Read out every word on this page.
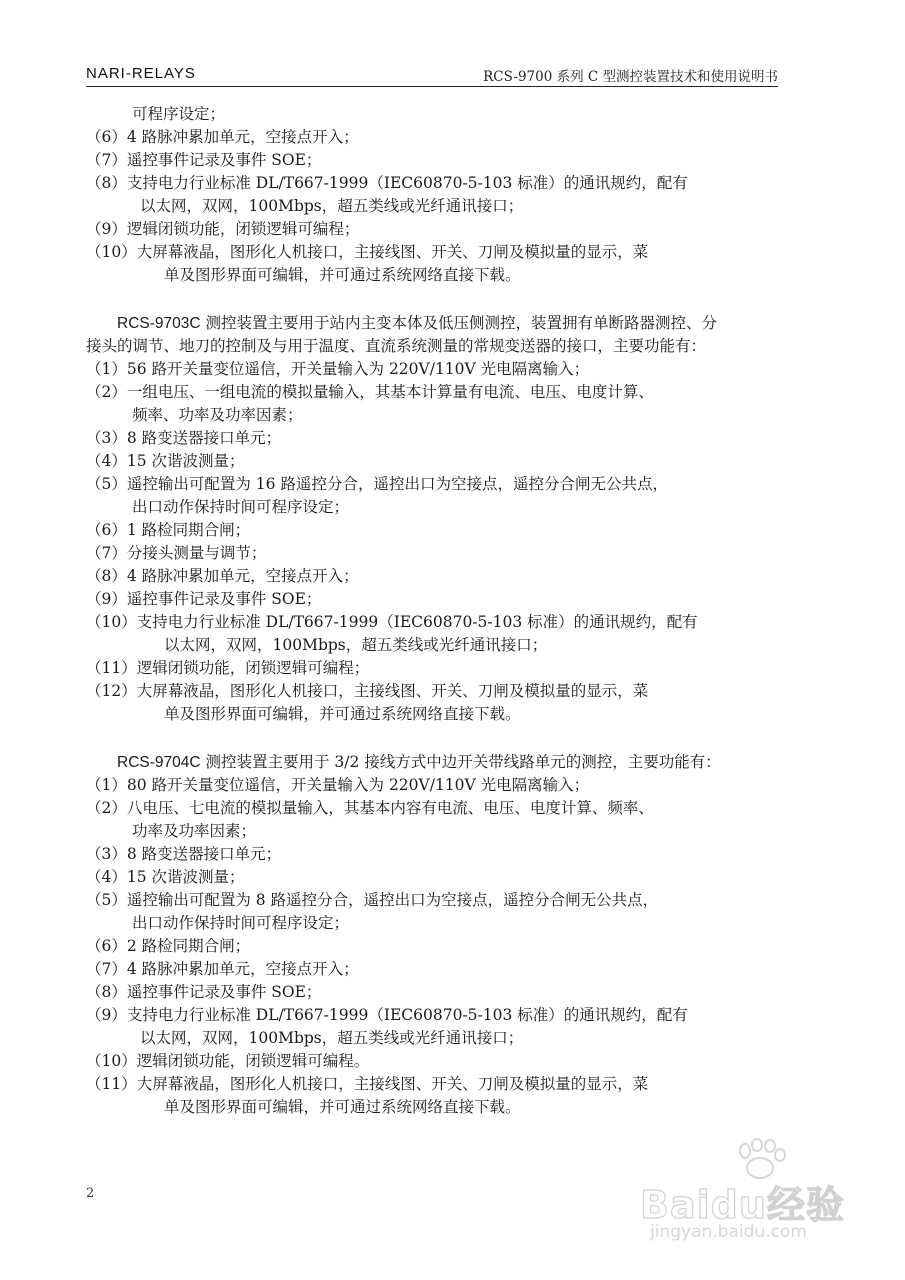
NARI-RELAYS	RCS-9700 系列 C 型测控装置技术和使用说明书
可程序设定；
（6）4 路脉冲累加单元，空接点开入；
（7）遥控事件记录及事件 SOE；
（8）支持电力行业标准 DL/T667-1999（IEC60870-5-103 标准）的通讯规约，配有
以太网，双网，100Mbps，超五类线或光纤通讯接口；
（9）逻辑闭锁功能，闭锁逻辑可编程；
（10）大屏幕液晶，图形化人机接口，主接线图、开关、刀闸及模拟量的显示，菜
单及图形界面可编辑，并可通过系统网络直接下载。
RCS-9703C 测控装置主要用于站内主变本体及低压侧测控，装置拥有单断路器测控、分
接头的调节、地刀的控制及与用于温度、直流系统测量的常规变送器的接口，主要功能有：
（1）56 路开关量变位遥信，开关量输入为 220V/110V 光电隔离输入；
（2）一组电压、一组电流的模拟量输入，其基本计算量有电流、电压、电度计算、
频率、功率及功率因素；
（3）8 路变送器接口单元；
（4）15 次谐波测量；
（5）遥控输出可配置为 16 路遥控分合，遥控出口为空接点，遥控分合闸无公共点，
出口动作保持时间可程序设定；
（6）1 路检同期合闸；
（7）分接头测量与调节；
（8）4 路脉冲累加单元，空接点开入；
（9）遥控事件记录及事件 SOE；
（10）支持电力行业标准 DL/T667-1999（IEC60870-5-103 标准）的通讯规约，配有
以太网，双网，100Mbps，超五类线或光纤通讯接口；
（11）逻辑闭锁功能，闭锁逻辑可编程；
（12）大屏幕液晶，图形化人机接口，主接线图、开关、刀闸及模拟量的显示，菜
单及图形界面可编辑，并可通过系统网络直接下载。
RCS-9704C 测控装置主要用于 3/2 接线方式中边开关带线路单元的测控，主要功能有：
（1）80 路开关量变位遥信，开关量输入为 220V/110V 光电隔离输入；
（2）八电压、七电流的模拟量输入，其基本内容有电流、电压、电度计算、频率、
功率及功率因素；
（3）8 路变送器接口单元；
（4）15 次谐波测量；
（5）遥控输出可配置为 8 路遥控分合，遥控出口为空接点，遥控分合闸无公共点，
出口动作保持时间可程序设定；
（6）2 路检同期合闸；
（7）4 路脉冲累加单元，空接点开入；
（8）遥控事件记录及事件 SOE；
（9）支持电力行业标准 DL/T667-1999（IEC60870-5-103 标准）的通讯规约，配有
以太网，双网，100Mbps，超五类线或光纤通讯接口；
（10）逻辑闭锁功能，闭锁逻辑可编程。
（11）大屏幕液晶，图形化人机接口，主接线图、开关、刀闸及模拟量的显示，菜
单及图形界面可编辑，并可通过系统网络直接下载。
2	Baidu经验
jingyan.baidu.com
